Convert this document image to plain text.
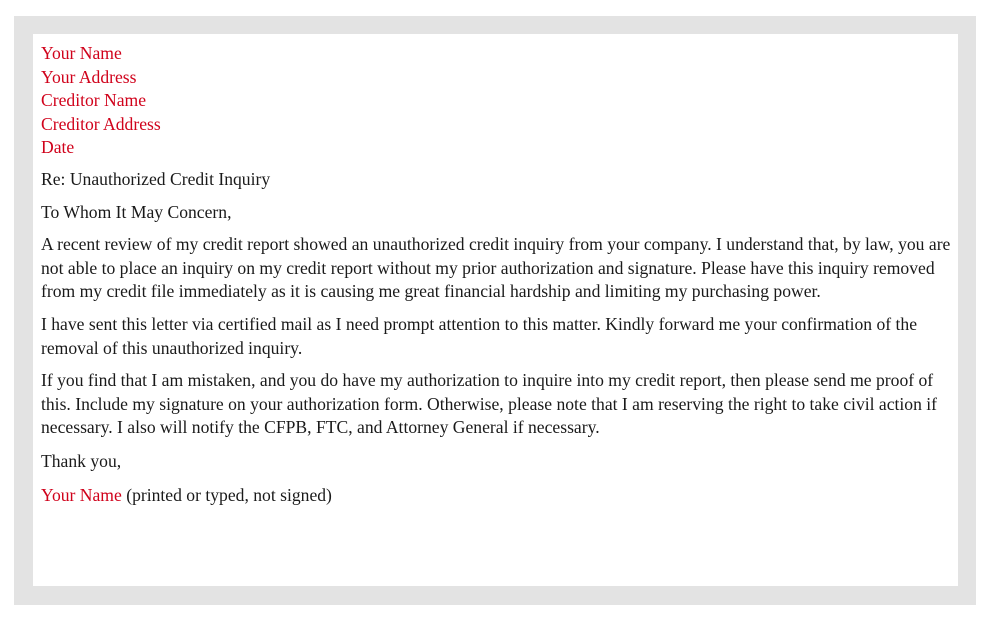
Your Name
Your Address
Creditor Name
Creditor Address
Date

Re: Unauthorized Credit Inquiry

To Whom It May Concern,

A recent review of my credit report showed an unauthorized credit inquiry from your company. I understand that, by law, you are not able to place an inquiry on my credit report without my prior authorization and signature. Please have this inquiry removed from my credit file immediately as it is causing me great financial hardship and limiting my purchasing power.

I have sent this letter via certified mail as I need prompt attention to this matter. Kindly forward me your confirmation of the removal of this unauthorized inquiry.

If you find that I am mistaken, and you do have my authorization to inquire into my credit report, then please send me proof of this. Include my signature on your authorization form. Otherwise, please note that I am reserving the right to take civil action if necessary. I also will notify the CFPB, FTC, and Attorney General if necessary.

Thank you,

Your Name (printed or typed, not signed)
